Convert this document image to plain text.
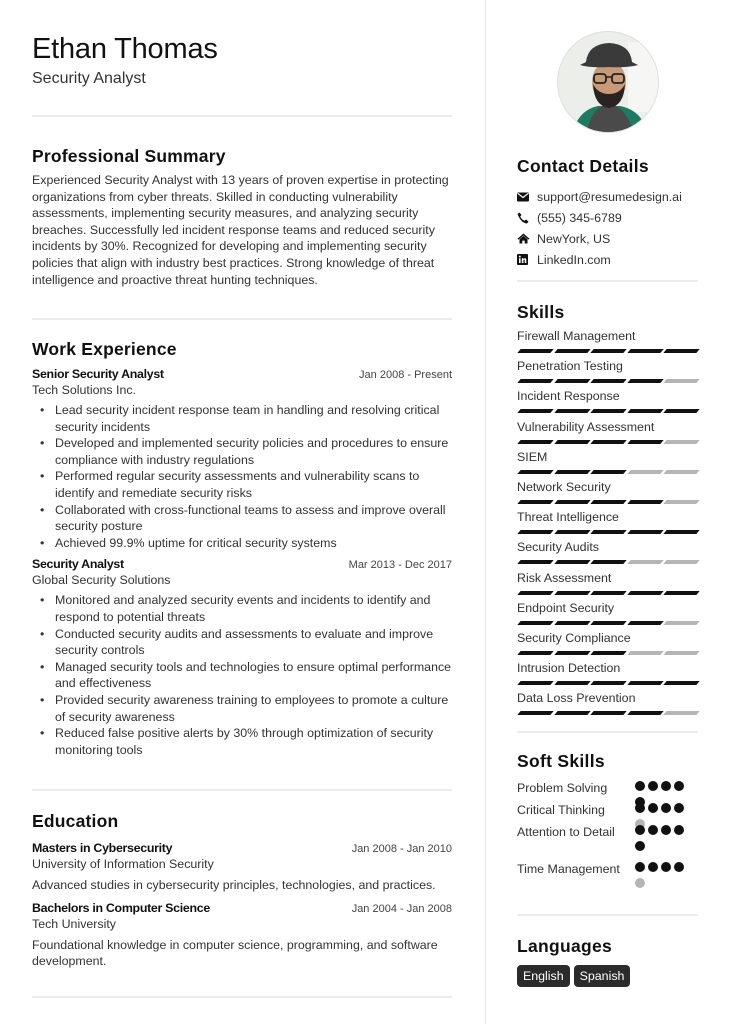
Ethan Thomas
Security Analyst
Professional Summary

Experienced Security Analyst with 13 years of proven expertise in protecting organizations from cyber threats. Skilled in conducting vulnerability assessments, implementing security measures, and analyzing security breaches. Successfully led incident response teams and reduced security incidents by 30%. Recognized for developing and implementing security policies that align with industry best practices. Strong knowledge of threat intelligence and proactive threat hunting techniques.

Work Experience
Senior Security Analyst	Jan 2008 - Present
Tech Solutions Inc.
• Lead security incident response team in handling and resolving critical security incidents
• Developed and implemented security policies and procedures to ensure compliance with industry regulations
• Performed regular security assessments and vulnerability scans to identify and remediate security risks
• Collaborated with cross-functional teams to assess and improve overall security posture
• Achieved 99.9% uptime for critical security systems
Security Analyst	Mar 2013 - Dec 2017
Global Security Solutions
• Monitored and analyzed security events and incidents to identify and respond to potential threats
• Conducted security audits and assessments to evaluate and improve security controls
• Managed security tools and technologies to ensure optimal performance and effectiveness
• Provided security awareness training to employees to promote a culture of security awareness
• Reduced false positive alerts by 30% through optimization of security monitoring tools
Education
Masters in Cybersecurity	Jan 2008 - Jan 2010
University of Information Security
Advanced studies in cybersecurity principles, technologies, and practices.
Bachelors in Computer Science	Jan 2004 - Jan 2008
Tech University
Foundational knowledge in computer science, programming, and software development.
Contact Details
support@resumedesign.ai
(555) 345-6789
NewYork, US
LinkedIn.com
Skills
Firewall Management
Penetration Testing
Incident Response
Vulnerability Assessment
SIEM
Network Security
Threat Intelligence
Security Audits
Risk Assessment
Endpoint Security
Security Compliance
Intrusion Detection
Data Loss Prevention
Soft Skills
Problem Solving
Critical Thinking
Attention to Detail
Time Management
Languages
English	Spanish
